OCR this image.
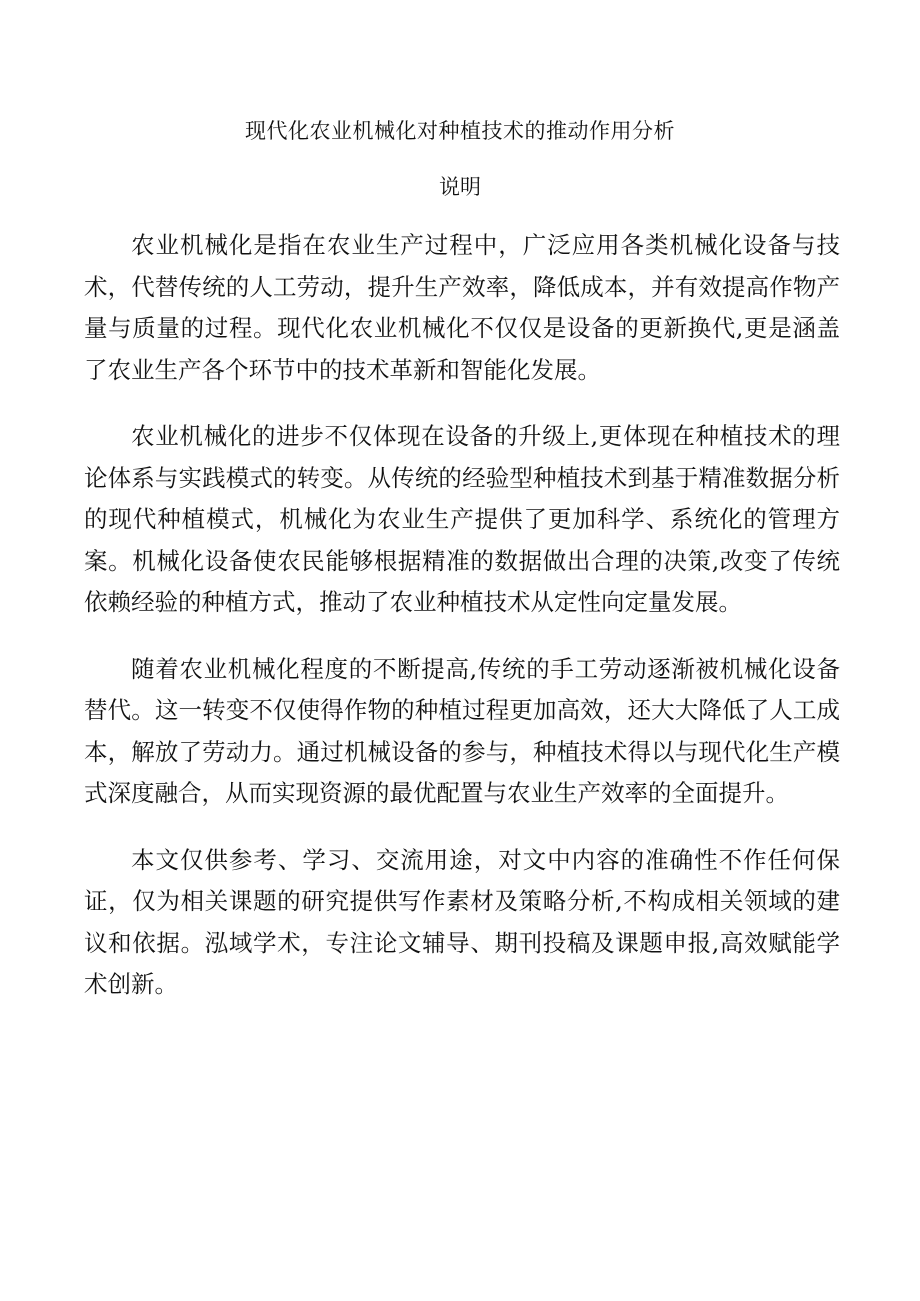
现代化农业机械化对种植技术的推动作用分析
说明

农业机械化是指在农业生产过程中，广泛应用各类机械化设备与技术，代替传统的人工劳动，提升生产效率，降低成本，并有效提高作物产量与质量的过程。现代化农业机械化不仅仅是设备的更新换代,更是涵盖了农业生产各个环节中的技术革新和智能化发展。

农业机械化的进步不仅体现在设备的升级上,更体现在种植技术的理论体系与实践模式的转变。从传统的经验型种植技术到基于精准数据分析的现代种植模式，机械化为农业生产提供了更加科学、系统化的管理方案。机械化设备使农民能够根据精准的数据做出合理的决策,改变了传统依赖经验的种植方式，推动了农业种植技术从定性向定量发展。

随着农业机械化程度的不断提高,传统的手工劳动逐渐被机械化设备替代。这一转变不仅使得作物的种植过程更加高效，还大大降低了人工成本，解放了劳动力。通过机械设备的参与，种植技术得以与现代化生产模式深度融合，从而实现资源的最优配置与农业生产效率的全面提升。

本文仅供参考、学习、交流用途，对文中内容的准确性不作任何保证，仅为相关课题的研究提供写作素材及策略分析,不构成相关领域的建议和依据。泓域学术，专注论文辅导、期刊投稿及课题申报,高效赋能学术创新。
